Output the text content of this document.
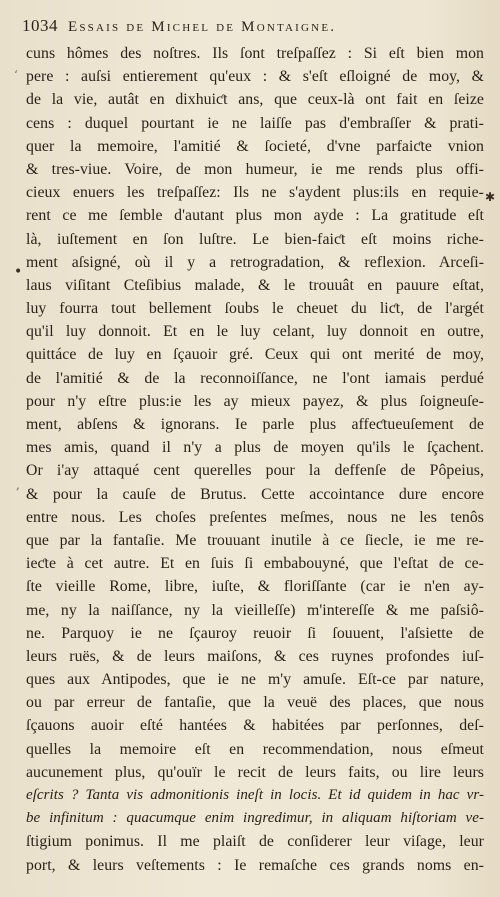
1034 Essais de Michel de Montaigne.
cuns hômes des noſtres. Ils ſont treſpaſſez : Si eſt bien mon
pere : auſsi entierement qu'eux : & s'eſt eſloigné de moy, &
de la vie, autât en dixhuiƈt ans, que ceux-là ont fait en ſeize
cens : duquel pourtant ie ne laiſſe pas d'embraſſer & prati-
quer la memoire, l'amitié & ſocieté, d'vne parfaiƈte vnion
& tres-viue. Voire, de mon humeur, ie me rends plus offi-
cieux enuers les treſpaſſez: Ils ne s'aydent plus:ils en requie-
rent ce me ſemble d'autant plus mon ayde : La gratitude eſt
là, iuſtement en ſon luſtre. Le bien-faiƈt eſt moins riche-
ment aſsigné, où il y a retrogradation, & reflexion. Arceſi-
laus viſitant Cteſibius malade, & le trouuât en pauure eſtat,
luy fourra tout bellement ſoubs le cheuet du liƈt, de l'argét
qu'il luy donnoit. Et en le luy celant, luy donnoit en outre,
quittáce de luy en ſçauoir gré. Ceux qui ont merité de moy,
de l'amitié & de la reconnoiſſance, ne l'ont iamais perdué
pour n'y eſtre plus:ie les ay mieux payez, & plus ſoigneuſe-
ment, abſens & ignorans. Ie parle plus affeƈtueuſement de
mes amis, quand il n'y a plus de moyen qu'ils le ſçachent.
Or i'ay attaqué cent querelles pour la deffenſe de Pôpeius,
& pour la cauſe de Brutus. Cette accointance dure encore
entre nous. Les choſes preſentes meſmes, nous ne les tenôs
que par la fantaſie. Me trouuant inutile à ce ſiecle, ie me re-
ieƈte à cet autre. Et en ſuis ſi embabouyné, que l'eſtat de ce-
ſte vieille Rome, libre, iuſte, & floriſſante (car ie n'en ay-
me, ny la naiſſance, ny la vieilleſſe) m'intereſſe & me paſsiô-
ne. Parquoy ie ne ſçauroy reuoir ſi ſouuent, l'aſsiette de
leurs ruës, & de leurs maiſons, & ces ruynes profondes iuſ-
ques aux Antipodes, que ie ne m'y amuſe. Eſt-ce par nature,
ou par erreur de fantaſie, que la veuë des places, que nous
ſçauons auoir eſté hantées & habitées par perſonnes, deſ-
quelles la memoire eſt en recommendation, nous eſmeut
aucunement plus, qu'ouïr le recit de leurs faits, ou lire leurs
eſcrits ? Tanta vis admonitionis ineſt in locis. Et id quidem in hac vr-
be infinitum : quacumque enim ingredimur, in aliquam hiſtoriam ve-
ſtigium ponimus. Il me plaiſt de conſiderer leur viſage, leur
port, & leurs veſtements : Ie remaſche ces grands noms en-
‘
✱
•
,
